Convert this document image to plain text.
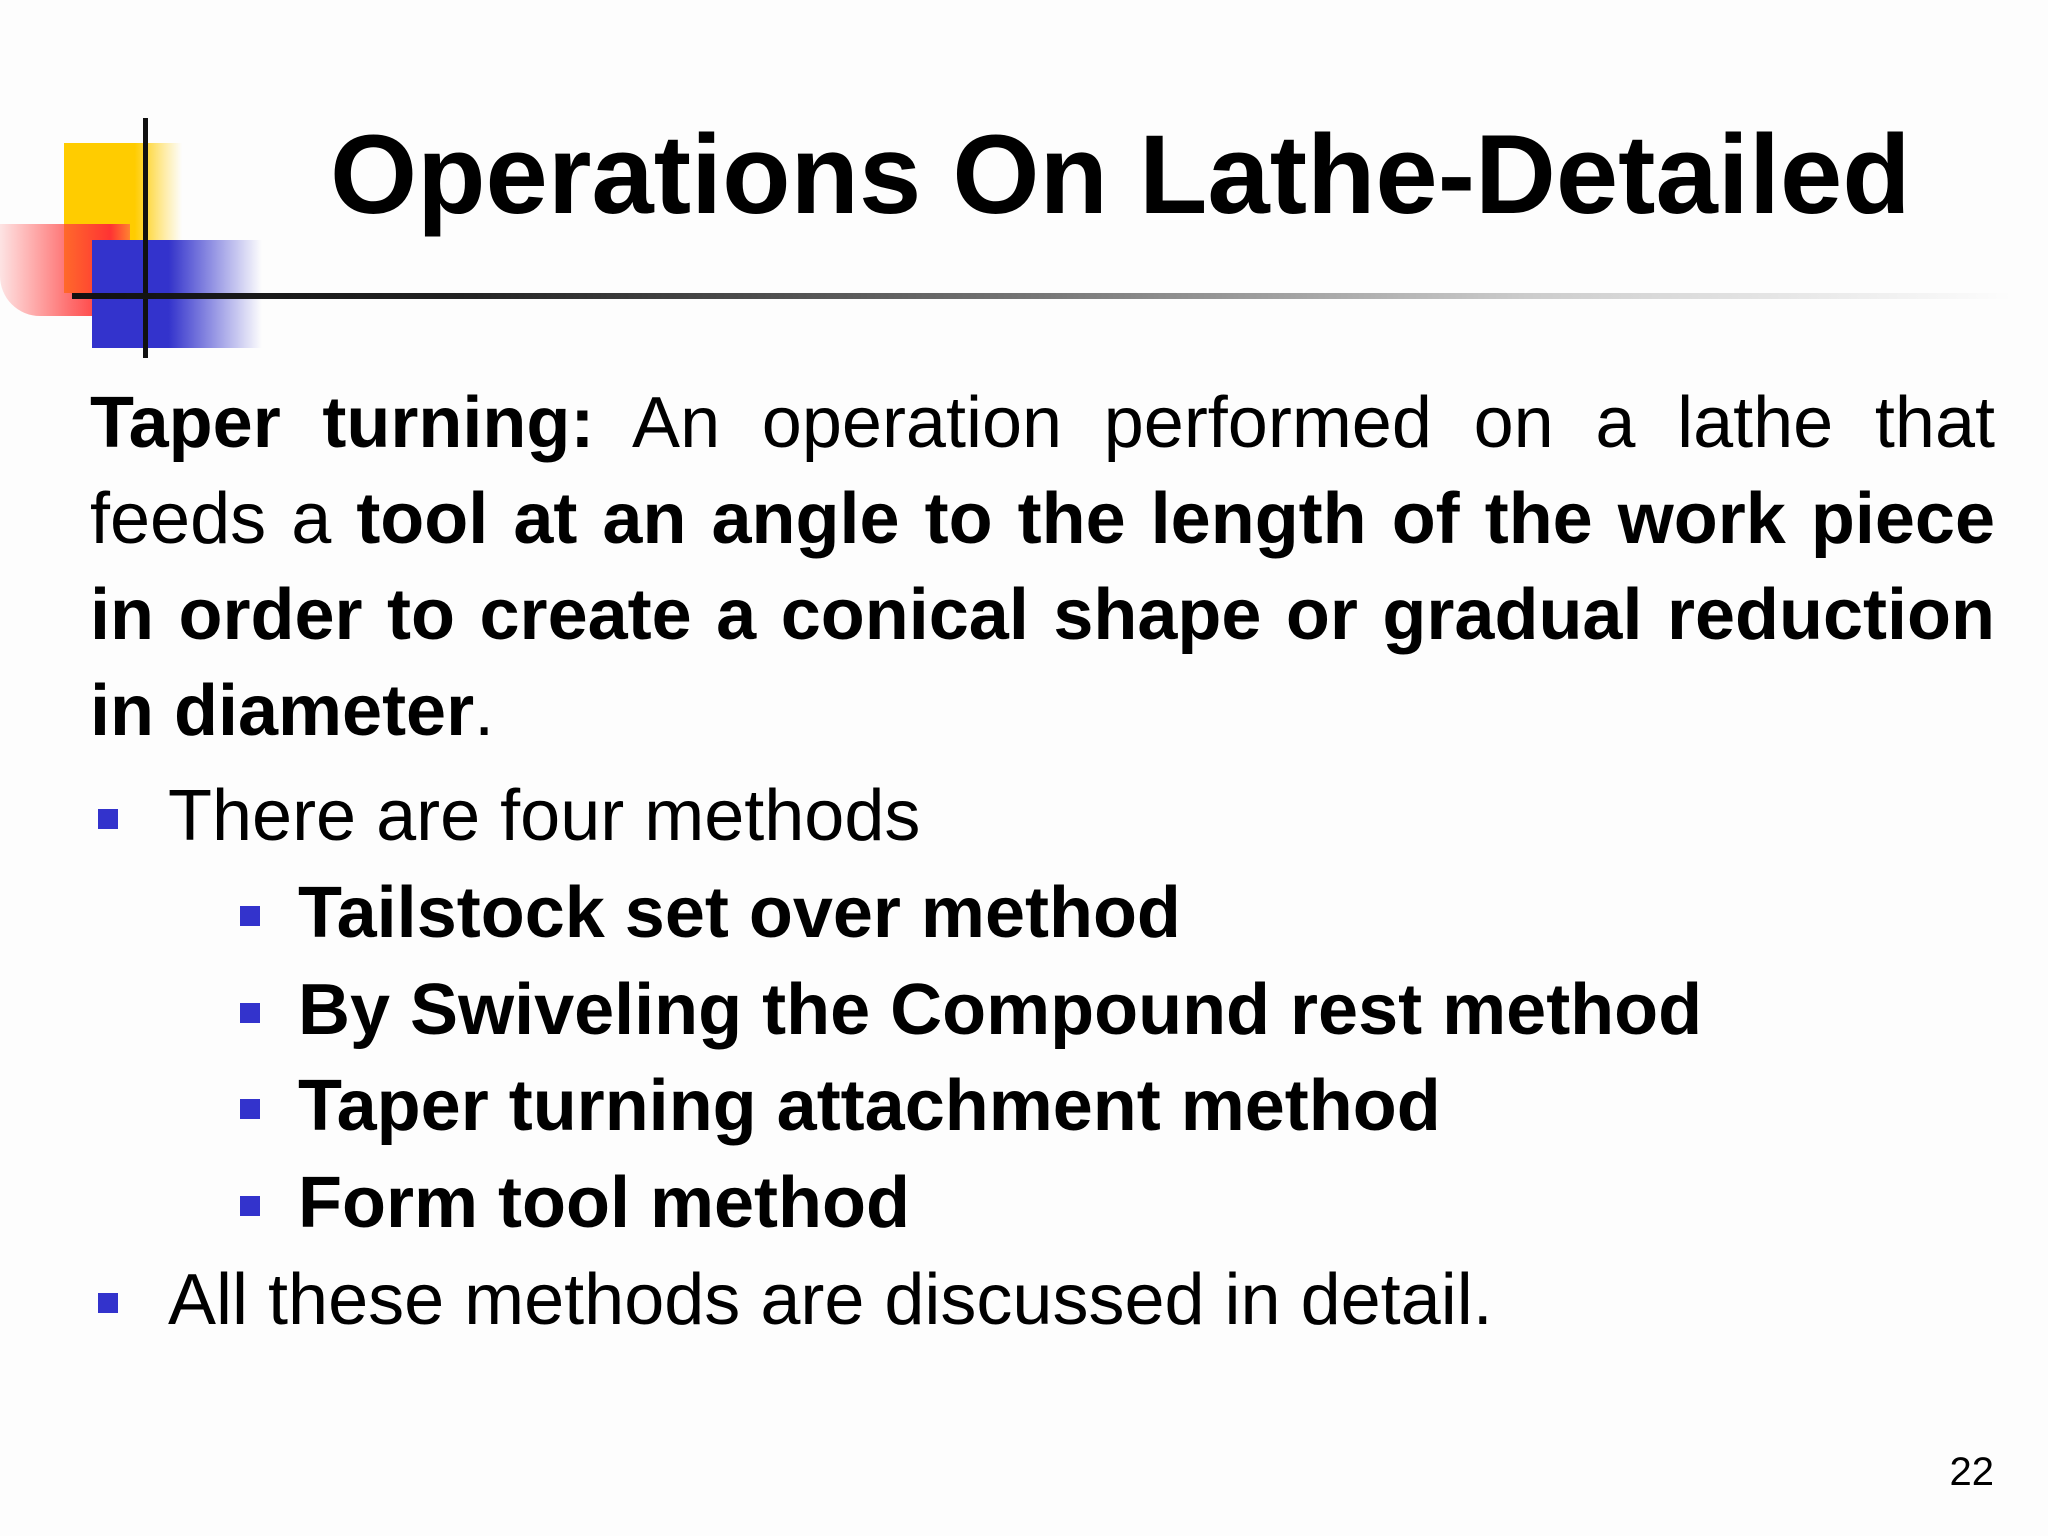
Operations On Lathe-Detailed

Taper turning: An operation performed on a lathe that feeds a tool at an angle to the length of the work piece in order to create a conical shape or gradual reduction in diameter.

There are four methods
Tailstock set over method
By Swiveling the Compound rest method
Taper turning attachment method
Form tool method
All these methods are discussed in detail.
22
